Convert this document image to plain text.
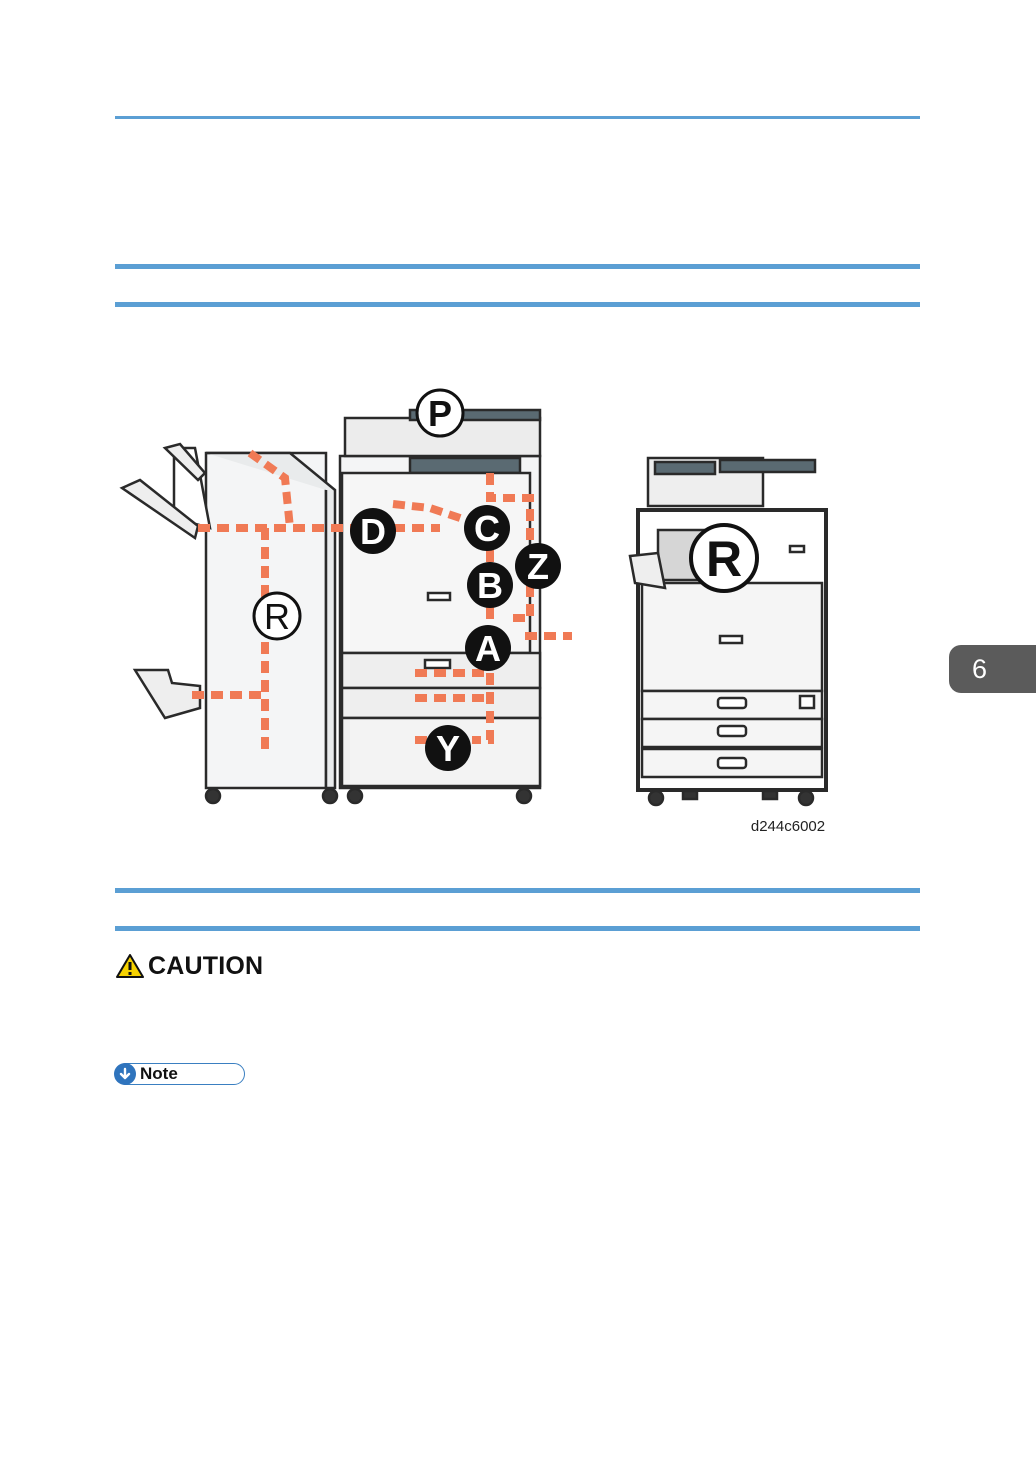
P
D C
Z
B
A
Y
R
R
d244c6002
CAUTION
Note
6
